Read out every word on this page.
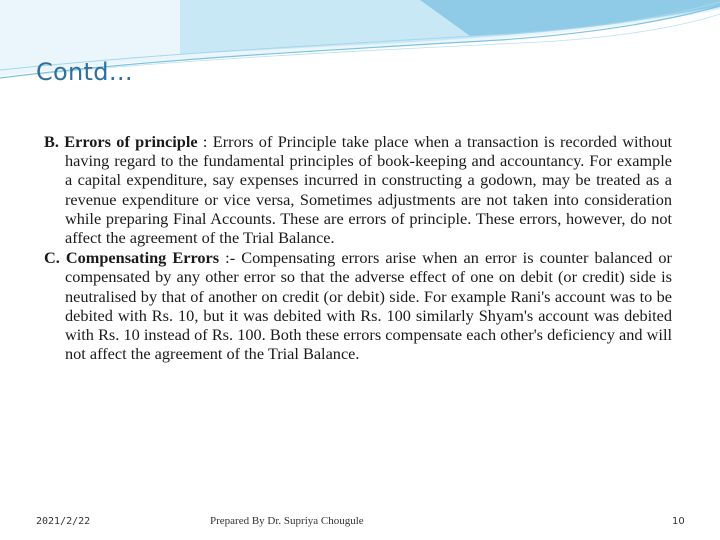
Contd…

B. Errors of principle : Errors of Principle take place when a transaction is recorded without having regard to the fundamental principles of book-keeping and accountancy. For example a capital expenditure, say expenses incurred in constructing a godown, may be treated as a revenue expenditure or vice versa, Sometimes adjustments are not taken into consideration while preparing Final Accounts. These are errors of principle. These errors, however, do not affect the agreement of the Trial Balance.

C. Compensating Errors :- Compensating errors arise when an error is counter balanced or compensated by any other error so that the adverse effect of one on debit (or credit) side is neutralised by that of another on credit (or debit) side. For example Rani's account was to be debited with Rs. 10, but it was debited with Rs. 100 similarly Shyam's account was debited with Rs. 10 instead of Rs. 100. Both these errors compensate each other's deficiency and will not affect the agreement of the Trial Balance.

2021/2/22	Prepared By Dr. Supriya Chougule	10
